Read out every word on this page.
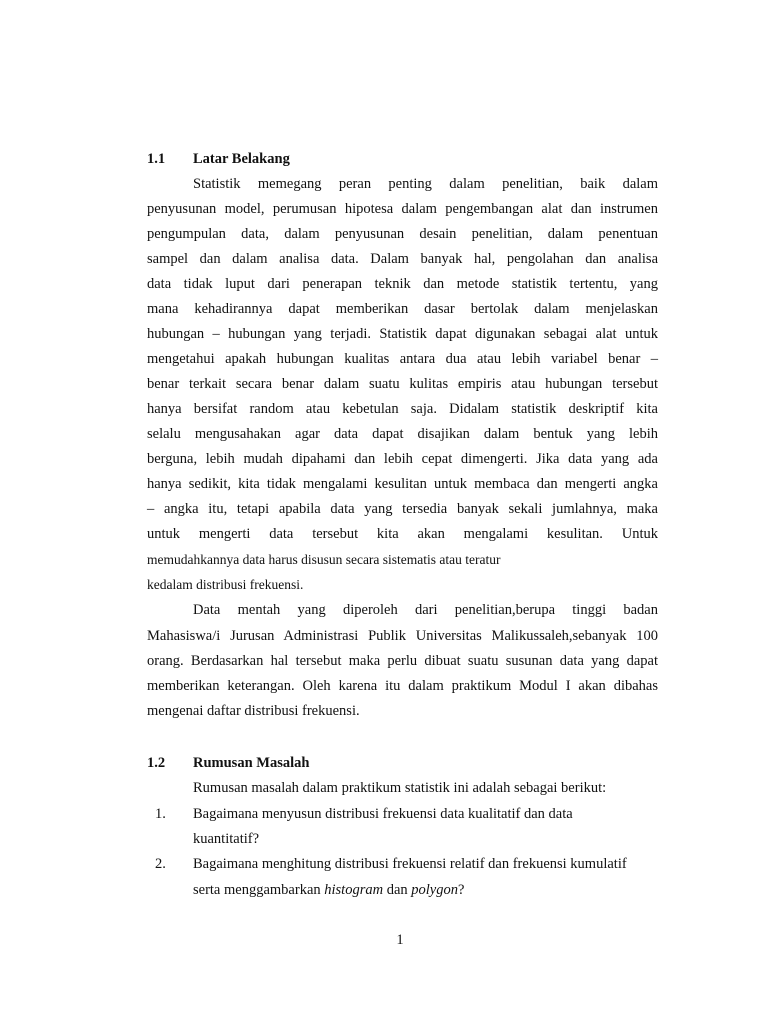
1.1 Latar Belakang
Statistik memegang peran penting dalam penelitian, baik dalam
penyusunan model, perumusan hipotesa dalam pengembangan alat dan instrumen
pengumpulan data, dalam penyusunan desain penelitian, dalam penentuan
sampel dan dalam analisa data. Dalam banyak hal, pengolahan dan analisa
data tidak luput dari penerapan teknik dan metode statistik tertentu, yang
mana kehadirannya dapat memberikan dasar bertolak dalam menjelaskan
hubungan – hubungan yang terjadi. Statistik dapat digunakan sebagai alat untuk
mengetahui apakah hubungan kualitas antara dua atau lebih variabel benar –
benar terkait secara benar dalam suatu kulitas empiris atau hubungan tersebut
hanya bersifat random atau kebetulan saja. Didalam statistik deskriptif kita
selalu mengusahakan agar data dapat disajikan dalam bentuk yang lebih
berguna, lebih mudah dipahami dan lebih cepat dimengerti. Jika data yang ada
hanya sedikit, kita tidak mengalami kesulitan untuk membaca dan mengerti angka
– angka itu, tetapi apabila data yang tersedia banyak sekali jumlahnya, maka
untuk mengerti data tersebut kita akan mengalami kesulitan. Untuk
memudahkannya data harus disusun secara sistematis atau teratur
kedalam distribusi frekuensi.
Data mentah yang diperoleh dari penelitian,berupa tinggi badan
Mahasiswa/i Jurusan Administrasi Publik Universitas Malikussaleh,sebanyak 100
orang. Berdasarkan hal tersebut maka perlu dibuat suatu susunan data yang dapat
memberikan keterangan. Oleh karena itu dalam praktikum Modul I akan dibahas
mengenai daftar distribusi frekuensi.
1.2 Rumusan Masalah
Rumusan masalah dalam praktikum statistik ini adalah sebagai berikut:
1. Bagaimana menyusun distribusi frekuensi data kualitatif dan data
kuantitatif?
2. Bagaimana menghitung distribusi frekuensi relatif dan frekuensi kumulatif
serta menggambarkan histogram dan polygon?
1
